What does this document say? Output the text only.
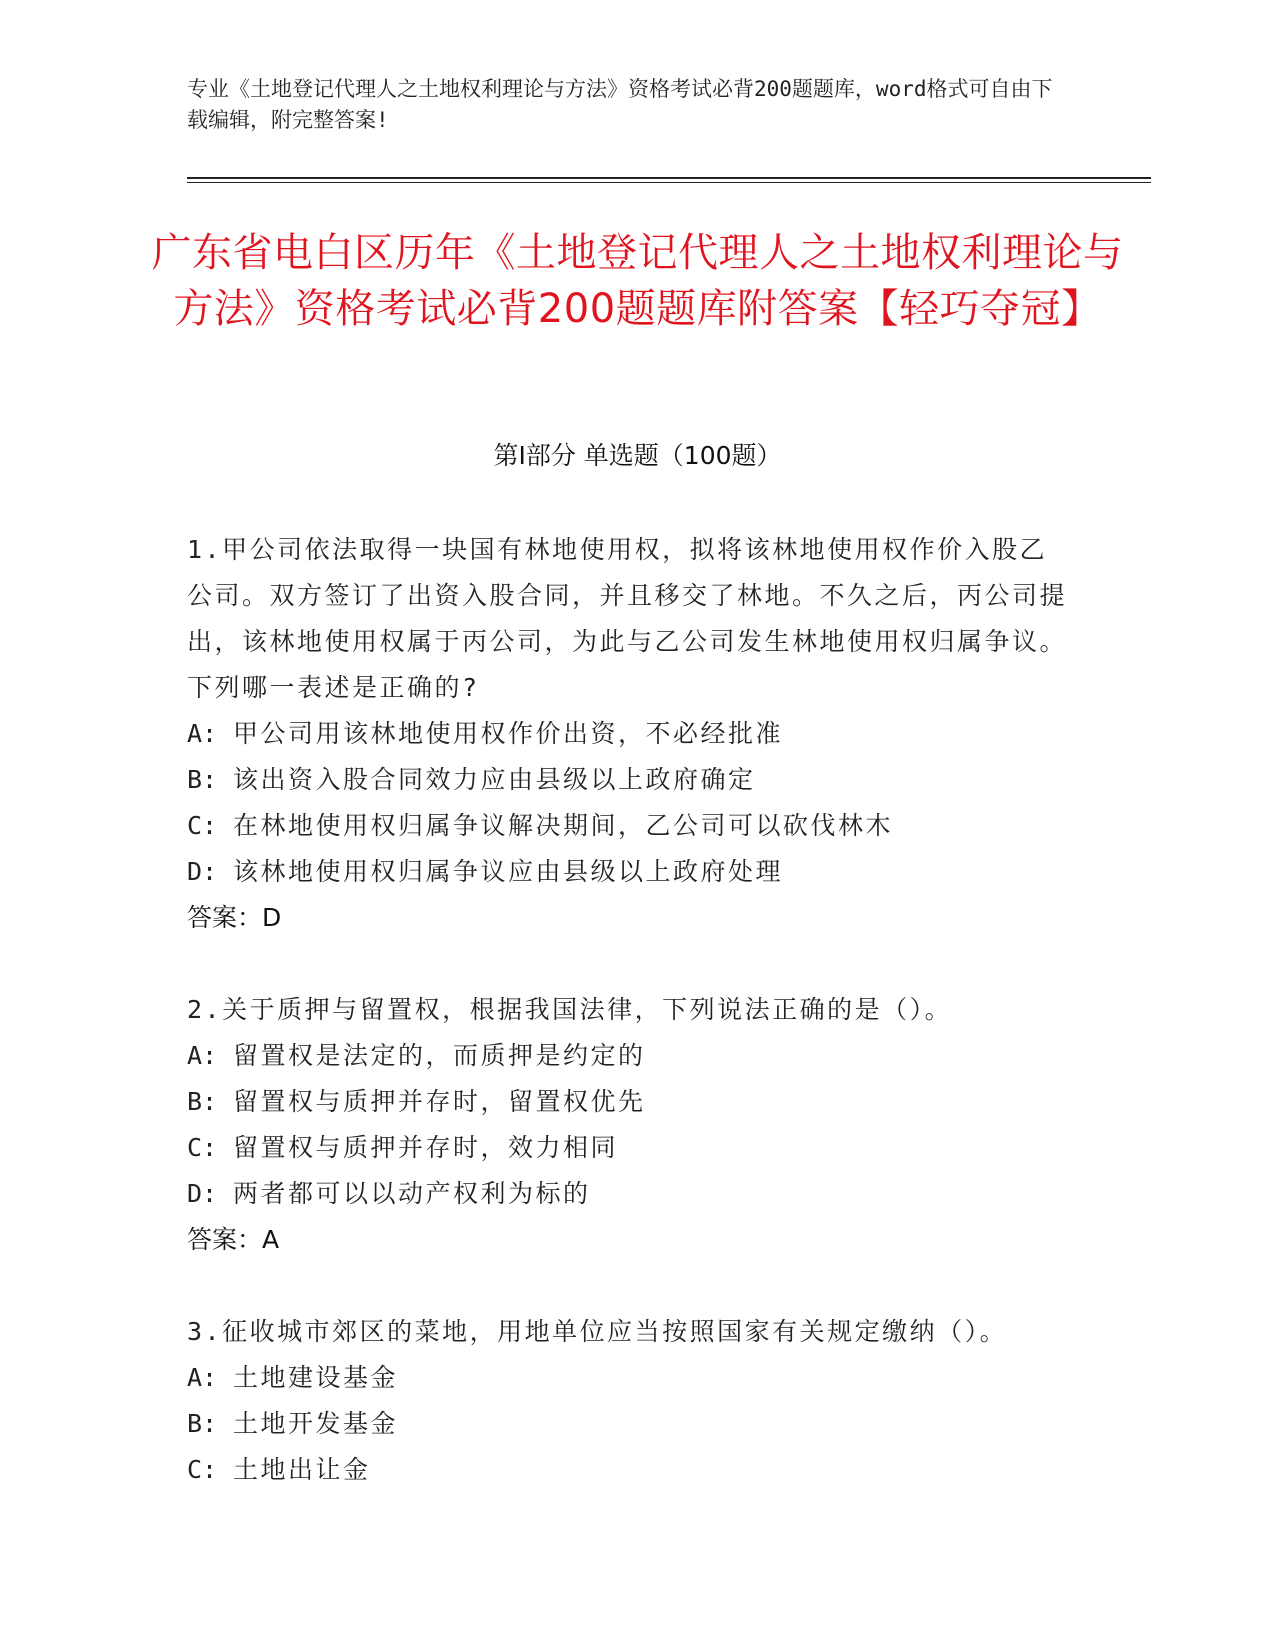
专业《土地登记代理人之土地权利理论与方法》资格考试必背200题题库，word格式可自由下载编辑，附完整答案!
广东省电白区历年《土地登记代理人之土地权利理论与方法》资格考试必背200题题库附答案【轻巧夺冠】
第Ⅰ部分 单选题（100题）
1.甲公司依法取得一块国有林地使用权，拟将该林地使用权作价入股乙公司。双方签订了出资入股合同，并且移交了林地。不久之后，丙公司提出，该林地使用权属于丙公司，为此与乙公司发生林地使用权归属争议。下列哪一表述是正确的?
A: 甲公司用该林地使用权作价出资，不必经批准
B: 该出资入股合同效力应由县级以上政府确定
C: 在林地使用权归属争议解决期间，乙公司可以砍伐林木
D: 该林地使用权归属争议应由县级以上政府处理
答案：D
2.关于质押与留置权，根据我国法律，下列说法正确的是（）。
A: 留置权是法定的，而质押是约定的
B: 留置权与质押并存时，留置权优先
C: 留置权与质押并存时，效力相同
D: 两者都可以以动产权利为标的
答案：A
3.征收城市郊区的菜地，用地单位应当按照国家有关规定缴纳（）。
A: 土地建设基金
B: 土地开发基金
C: 土地出让金
